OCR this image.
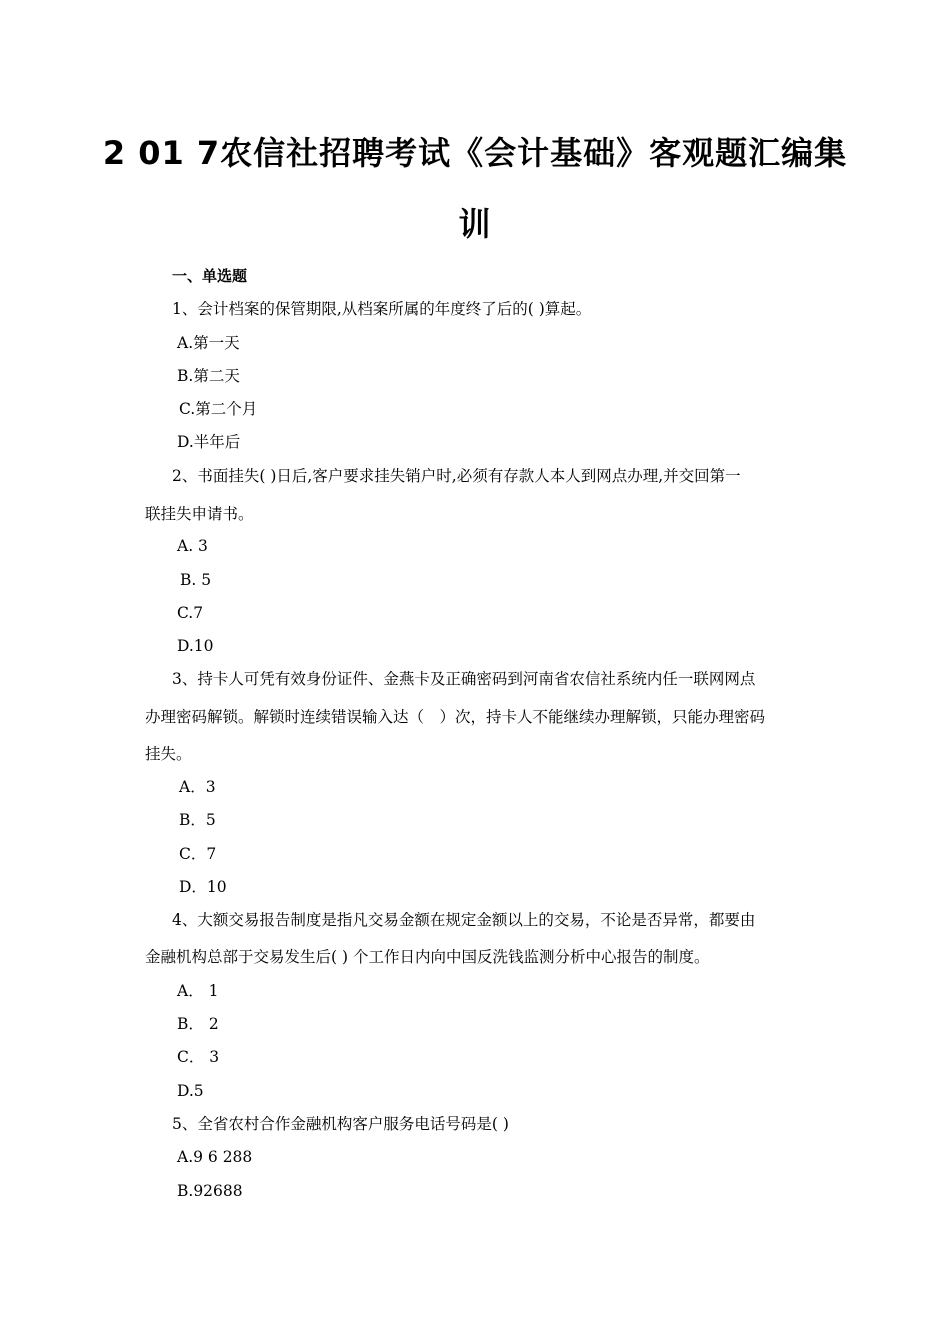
2 01 7农信社招聘考试《会计基础》客观题汇编集
训
一、单选题
1、会计档案的保管期限,从档案所属的年度终了后的( )算起。
A.第一天
B.第二天
C.第二个月
D.半年后
2、书面挂失( )日后,客户要求挂失销户时,必须有存款人本人到网点办理,并交回第一
联挂失申请书。
A. 3
B. 5
C.7
D.10
3、持卡人可凭有效身份证件、金燕卡及正确密码到河南省农信社系统内任一联网网点
办理密码解锁。解锁时连续错误输入达（　）次，持卡人不能继续办理解锁，只能办理密码
挂失。
A．3
B．5
C．7
D．10
4、大额交易报告制度是指凡交易金额在规定金额以上的交易，不论是否异常，都要由
金融机构总部于交易发生后( ) 个工作日内向中国反洗钱监测分析中心报告的制度。
A． 1
B． 2
C． 3
D.5
5、全省农村合作金融机构客户服务电话号码是( )
A.9 6 288
B.92688
